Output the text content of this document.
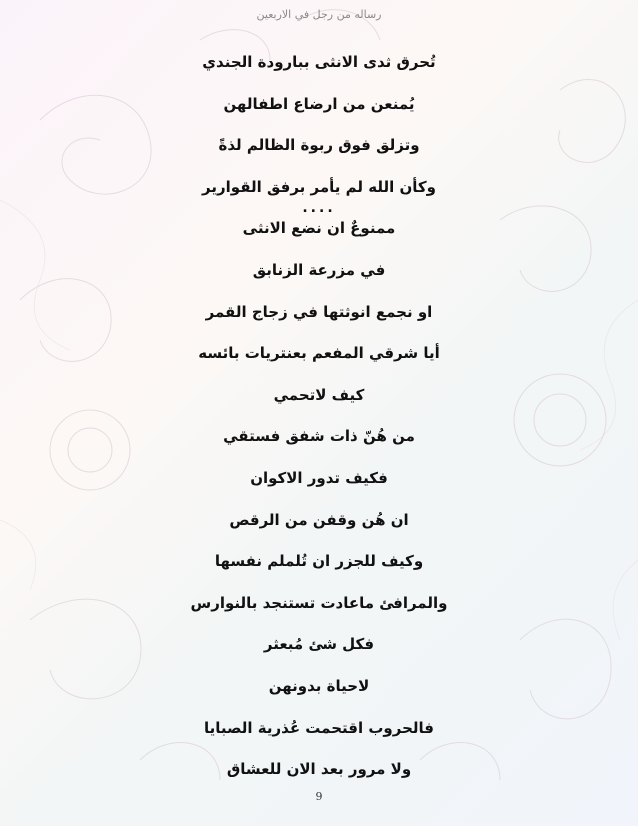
رساله من رجل في الاربعين
تُحرق ثدى الانثى ببارودة الجندي
يُمنعن من ارضاع اطفالهن
وتزلق فوق ربوة الظالم لذةً
وكأن الله لم يأمر برفق القوارير
....
ممنوعٌ ان نضع الانثى
في مزرعة الزنابق
او نجمع انوثتها في زجاج القمر
أيا شرقي المفعم بعنتريات بائسه
كيف لاتحمي
من هُنّ ذات شفق فستقي
فكيف تدور الاكوان
ان هُن وقفن من الرقص
وكيف للجزر ان تُلملم نفسها
والمرافئ ماعادت تستنجد بالنوارس
فكل شئ مُبعثر
لاحياة بدونهن
فالحروب اقتحمت عُذرية الصبايا
ولا مرور بعد الان للعشاق
9
